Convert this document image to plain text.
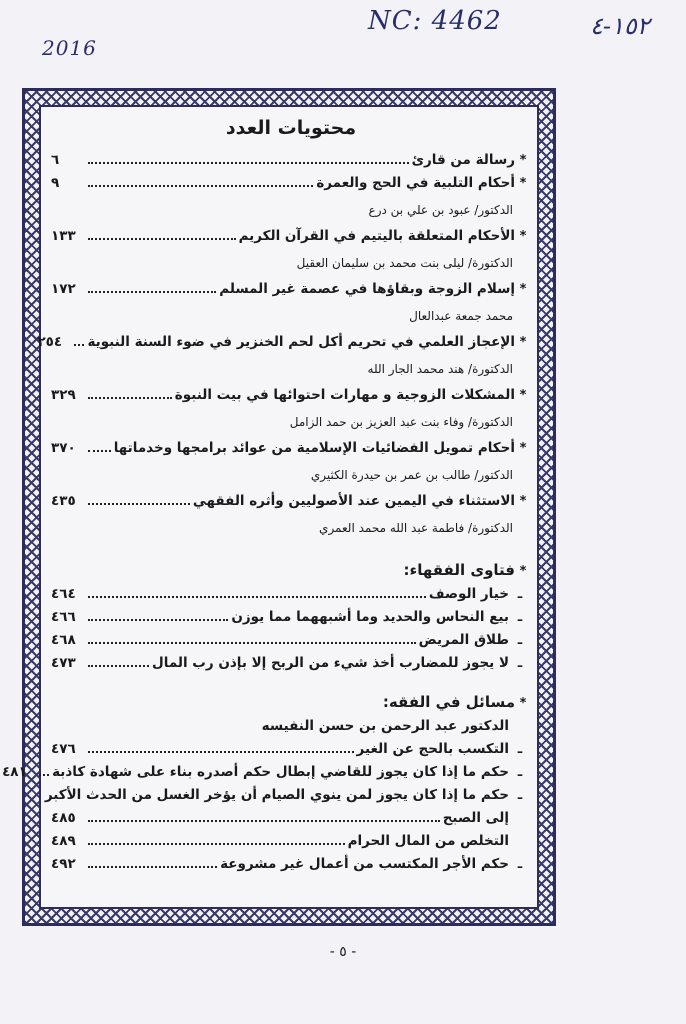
2016
NC: 4462	١٥٢-٤
محتويات العدد
*
رسالة من قارئ
٦
*
أحكام التلبية في الحج والعمرة
٩
الدكتور/ عبود بن علي بن درع
*
الأحكام المتعلقة باليتيم في القرآن الكريم
١٣٣
الدكتورة/ ليلى بنت محمد بن سليمان العقيل
*
إسلام الزوجة وبقاؤها في عصمة غير المسلم
١٧٢
محمد جمعة عبدالعال
*
الإعجاز العلمي في تحريم أكل لحم الخنزير في ضوء السنة النبوية
٢٥٤
الدكتورة/ هند محمد الجار الله
*
المشكلات الزوجية و مهارات احتوائها في بيت النبوة
٣٢٩
الدكتورة/ وفاء بنت عبد العزيز بن حمد الزامل
*
أحكام تمويل الفضائيات الإسلامية من عوائد برامجها وخدماتها
٣٧٠
الدكتور/ طالب بن عمر بن حيدرة الكثيري
*
الاستثناء في اليمين عند الأصوليين وأثره الفقهي
٤٣٥
الدكتورة/ فاطمة عبد الله محمد العمري
*
فتاوى الفقهاء:
ـ
خيار الوصف
٤٦٤
ـ
بيع النحاس والحديد وما أشبههما مما يوزن
٤٦٦
ـ
طلاق المريض
٤٦٨
ـ
لا يجوز للمضارب أخذ شيء من الربح إلا بإذن رب المال
٤٧٣
*
مسائل في الفقه:
الدكتور عبد الرحمن بن حسن النفيسه
ـ
التكسب بالحج عن الغير
٤٧٦
ـ
حكم ما إذا كان يجوز للقاضي إبطال حكم أصدره بناء على شهادة كاذبة
٤٨١
ـ
حكم ما إذا كان يجوز لمن ينوي الصيام أن يؤخر الغسل من الحدث الأكبر
إلى الصبح
٤٨٥
التخلص من المال الحرام
٤٨٩
ـ
حكم الأجر المكتسب من أعمال غير مشروعة
٤٩٢
- ٥ -
